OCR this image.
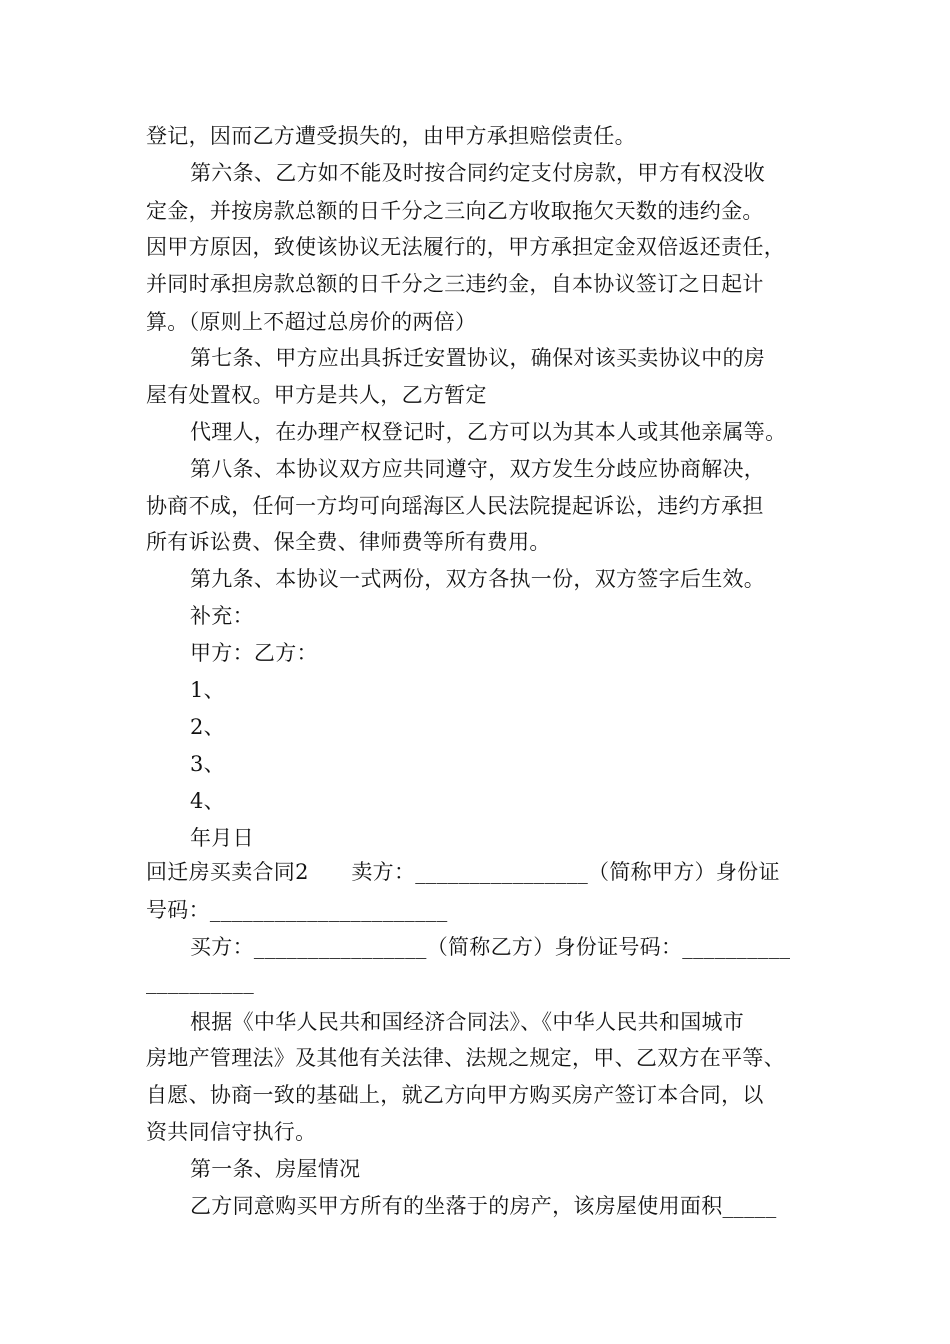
登记，因而乙方遭受损失的，由甲方承担赔偿责任。
第六条、乙方如不能及时按合同约定支付房款，甲方有权没收
定金，并按房款总额的日千分之三向乙方收取拖欠天数的违约金。
因甲方原因，致使该协议无法履行的，甲方承担定金双倍返还责任，
并同时承担房款总额的日千分之三违约金，自本协议签订之日起计
算。（原则上不超过总房价的两倍）
第七条、甲方应出具拆迁安置协议，确保对该买卖协议中的房
屋有处置权。甲方是共人，乙方暂定
代理人，在办理产权登记时，乙方可以为其本人或其他亲属等。
第八条、本协议双方应共同遵守，双方发生分歧应协商解决，
协商不成，任何一方均可向瑶海区人民法院提起诉讼，违约方承担
所有诉讼费、保全费、律师费等所有费用。
第九条、本协议一式两份，双方各执一份，双方签字后生效。
补充：
甲方：乙方：
1、
2、
3、
4、
年月日
回迁房买卖合同2　　卖方：________________（简称甲方）身份证
号码：______________________
买方：________________（简称乙方）身份证号码：__________
__________
根据《中华人民共和国经济合同法》、《中华人民共和国城市
房地产管理法》及其他有关法律、法规之规定，甲、乙双方在平等、
自愿、协商一致的基础上，就乙方向甲方购买房产签订本合同，以
资共同信守执行。
第一条、房屋情况
乙方同意购买甲方所有的坐落于的房产，该房屋使用面积_____
